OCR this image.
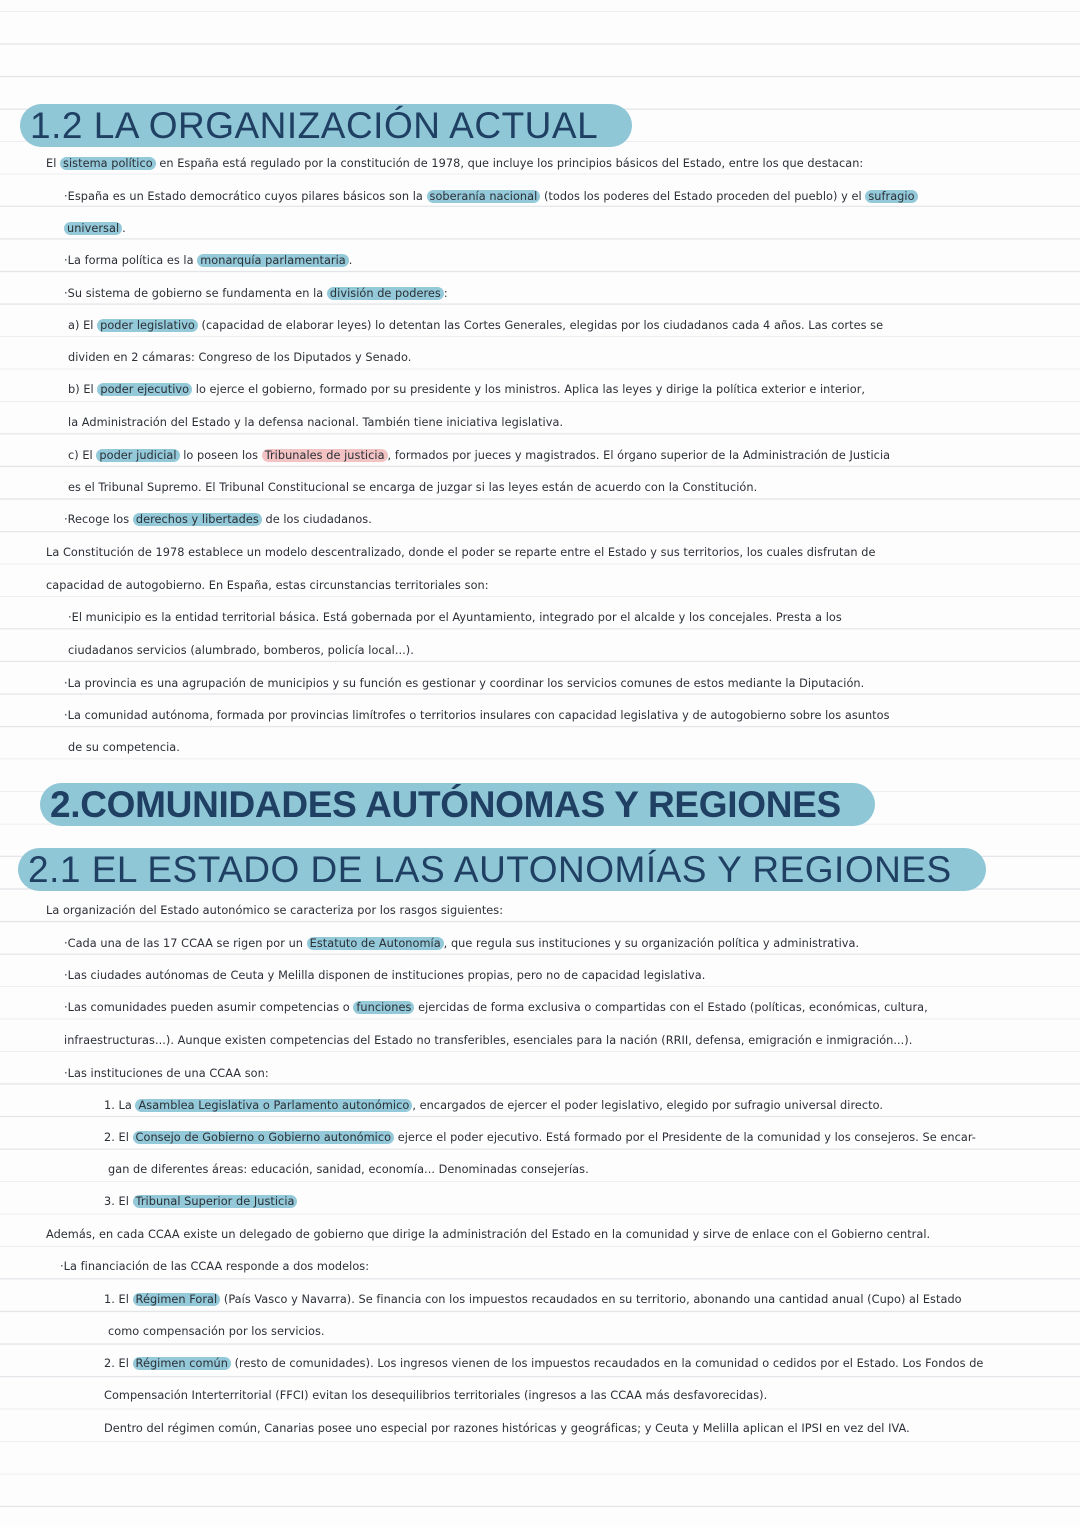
1.2 LA ORGANIZACIÓN ACTUAL
El sistema político en España está regulado por la constitución de 1978, que incluye los principios básicos del Estado, entre los que destacan:
·España es un Estado democrático cuyos pilares básicos son la soberanía nacional (todos los poderes del Estado proceden del pueblo) y el sufragio
universal .
·La forma política es la monarquía parlamentaria .
·Su sistema de gobierno se fundamenta en la división de poderes :
a) El poder legislativo (capacidad de elaborar leyes) lo detentan las Cortes Generales, elegidas por los ciudadanos cada 4 años. Las cortes se
dividen en 2 cámaras: Congreso de los Diputados y Senado.
b) El poder ejecutivo lo ejerce el gobierno, formado por su presidente y los ministros. Aplica las leyes y dirige la política exterior e interior,
la Administración del Estado y la defensa nacional. También tiene iniciativa legislativa.
c) El poder judicial lo poseen los Tribunales de justicia , formados por jueces y magistrados. El órgano superior de la Administración de Justicia
es el Tribunal Supremo. El Tribunal Constitucional se encarga de juzgar si las leyes están de acuerdo con la Constitución.
·Recoge los derechos y libertades de los ciudadanos.
La Constitución de 1978 establece un modelo descentralizado, donde el poder se reparte entre el Estado y sus territorios, los cuales disfrutan de
capacidad de autogobierno. En España, estas circunstancias territoriales son:
·El municipio es la entidad territorial básica. Está gobernada por el Ayuntamiento, integrado por el alcalde y los concejales. Presta a los
ciudadanos servicios (alumbrado, bomberos, policía local...).
·La provincia es una agrupación de municipios y su función es gestionar y coordinar los servicios comunes de estos mediante la Diputación.
·La comunidad autónoma, formada por provincias limítrofes o territorios insulares con capacidad legislativa y de autogobierno sobre los asuntos
de su competencia.
2.COMUNIDADES AUTÓNOMAS Y REGIONES
2.1 EL ESTADO DE LAS AUTONOMÍAS Y REGIONES
La organización del Estado autonómico se caracteriza por los rasgos siguientes:
·Cada una de las 17 CCAA se rigen por un Estatuto de Autonomía , que regula sus instituciones y su organización política y administrativa.
·Las ciudades autónomas de Ceuta y Melilla disponen de instituciones propias, pero no de capacidad legislativa.
·Las comunidades pueden asumir competencias o funciones ejercidas de forma exclusiva o compartidas con el Estado (políticas, económicas, cultura,
infraestructuras...). Aunque existen competencias del Estado no transferibles, esenciales para la nación (RRII, defensa, emigración e inmigración...).
·Las instituciones de una CCAA son:
1. La Asamblea Legislativa o Parlamento autonómico , encargados de ejercer el poder legislativo, elegido por sufragio universal directo.
2. El Consejo de Gobierno o Gobierno autonómico ejerce el poder ejecutivo. Está formado por el Presidente de la comunidad y los consejeros. Se encar-
gan de diferentes áreas: educación, sanidad, economía... Denominadas consejerías.
3. El Tribunal Superior de Justicia
Además, en cada CCAA existe un delegado de gobierno que dirige la administración del Estado en la comunidad y sirve de enlace con el Gobierno central.
·La financiación de las CCAA responde a dos modelos:
1. El Régimen Foral (País Vasco y Navarra). Se financia con los impuestos recaudados en su territorio, abonando una cantidad anual (Cupo) al Estado
como compensación por los servicios.
2. El Régimen común (resto de comunidades). Los ingresos vienen de los impuestos recaudados en la comunidad o cedidos por el Estado. Los Fondos de
Compensación Interterritorial (FFCI) evitan los desequilibrios territoriales (ingresos a las CCAA más desfavorecidas).
Dentro del régimen común, Canarias posee uno especial por razones históricas y geográficas; y Ceuta y Melilla aplican el IPSI en vez del IVA.
